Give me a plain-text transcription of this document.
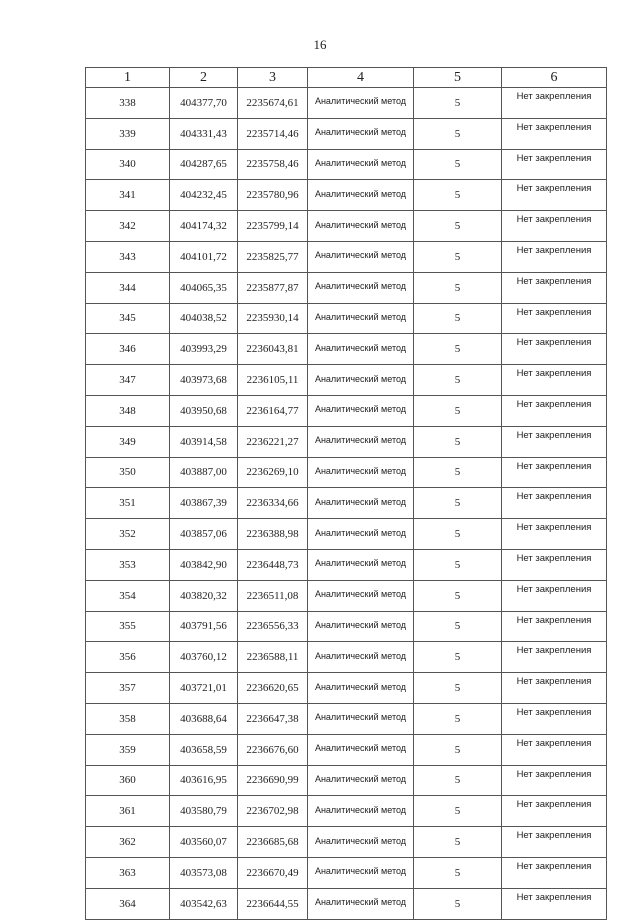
16
1	2	3	4	5	6
338	404377,70	2235674,61	Аналитический метод	5	Нет закрепления
339	404331,43	2235714,46	Аналитический метод	5	Нет закрепления
340	404287,65	2235758,46	Аналитический метод	5	Нет закрепления
341	404232,45	2235780,96	Аналитический метод	5	Нет закрепления
342	404174,32	2235799,14	Аналитический метод	5	Нет закрепления
343	404101,72	2235825,77	Аналитический метод	5	Нет закрепления
344	404065,35	2235877,87	Аналитический метод	5	Нет закрепления
345	404038,52	2235930,14	Аналитический метод	5	Нет закрепления
346	403993,29	2236043,81	Аналитический метод	5	Нет закрепления
347	403973,68	2236105,11	Аналитический метод	5	Нет закрепления
348	403950,68	2236164,77	Аналитический метод	5	Нет закрепления
349	403914,58	2236221,27	Аналитический метод	5	Нет закрепления
350	403887,00	2236269,10	Аналитический метод	5	Нет закрепления
351	403867,39	2236334,66	Аналитический метод	5	Нет закрепления
352	403857,06	2236388,98	Аналитический метод	5	Нет закрепления
353	403842,90	2236448,73	Аналитический метод	5	Нет закрепления
354	403820,32	2236511,08	Аналитический метод	5	Нет закрепления
355	403791,56	2236556,33	Аналитический метод	5	Нет закрепления
356	403760,12	2236588,11	Аналитический метод	5	Нет закрепления
357	403721,01	2236620,65	Аналитический метод	5	Нет закрепления
358	403688,64	2236647,38	Аналитический метод	5	Нет закрепления
359	403658,59	2236676,60	Аналитический метод	5	Нет закрепления
360	403616,95	2236690,99	Аналитический метод	5	Нет закрепления
361	403580,79	2236702,98	Аналитический метод	5	Нет закрепления
362	403560,07	2236685,68	Аналитический метод	5	Нет закрепления
363	403573,08	2236670,49	Аналитический метод	5	Нет закрепления
364	403542,63	2236644,55	Аналитический метод	5	Нет закрепления
